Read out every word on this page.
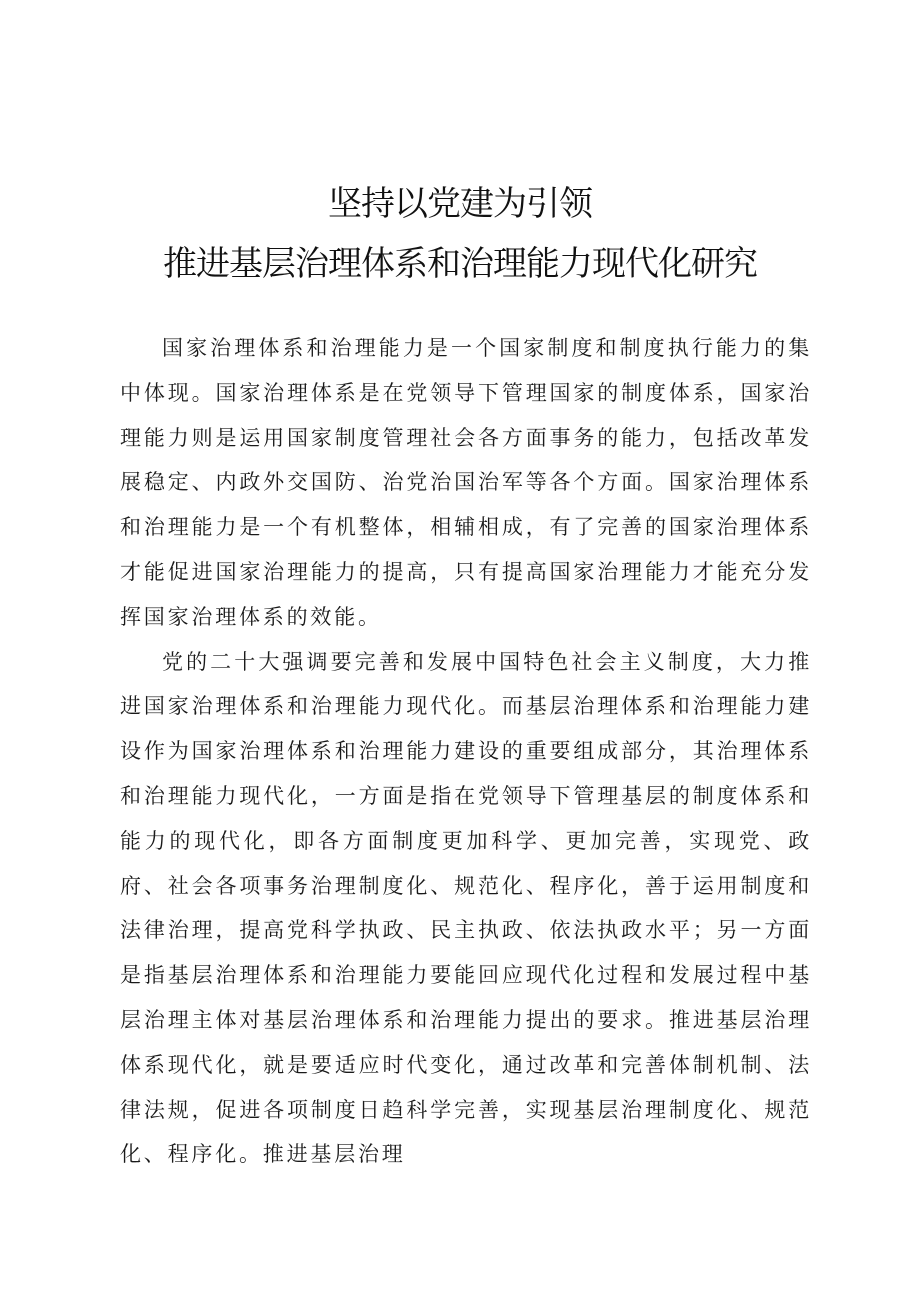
坚持以党建为引领
推进基层治理体系和治理能力现代化研究

国家治理体系和治理能力是一个国家制度和制度执行能力的集中体现。国家治理体系是在党领导下管理国家的制度体系，国家治理能力则是运用国家制度管理社会各方面事务的能力，包括改革发展稳定、内政外交国防、治党治国治军等各个方面。国家治理体系和治理能力是一个有机整体，相辅相成，有了完善的国家治理体系才能促进国家治理能力的提高，只有提高国家治理能力才能充分发挥国家治理体系的效能。

党的二十大强调要完善和发展中国特色社会主义制度，大力推进国家治理体系和治理能力现代化。而基层治理体系和治理能力建设作为国家治理体系和治理能力建设的重要组成部分，其治理体系和治理能力现代化，一方面是指在党领导下管理基层的制度体系和能力的现代化，即各方面制度更加科学、更加完善，实现党、政府、社会各项事务治理制度化、规范化、程序化，善于运用制度和法律治理，提高党科学执政、民主执政、依法执政水平；另一方面是指基层治理体系和治理能力要能回应现代化过程和发展过程中基层治理主体对基层治理体系和治理能力提出的要求。推进基层治理体系现代化，就是要适应时代变化，通过改革和完善体制机制、法律法规，促进各项制度日趋科学完善，实现基层治理制度化、规范化、程序化。推进基层治理
